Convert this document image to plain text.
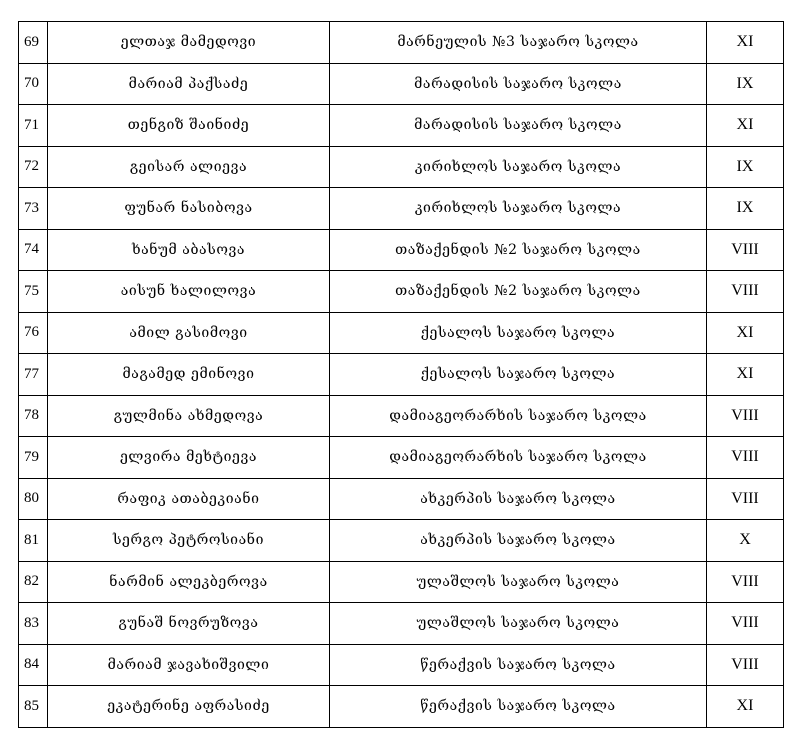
69	ელთაჯ მამედოვი	მარნეულის №3 საჯარო სკოლა	XI
70	მარიამ პაქსაძე	მარადისის საჯარო სკოლა	IX
71	თენგიზ შაინიძე	მარადისის საჯარო სკოლა	XI
72	გეისარ ალიევა	კირიხლოს საჯარო სკოლა	IX
73	ფუნარ ნასიბოვა	კირიხლოს საჯარო სკოლა	IX
74	ხანუმ აბასოვა	თაზაქენდის №2 საჯარო სკოლა	VIII
75	აისუნ ხალილოვა	თაზაქენდის №2 საჯარო სკოლა	VIII
76	ამილ გასიმოვი	ქესალოს საჯარო სკოლა	XI
77	მაგამედ ემინოვი	ქესალოს საჯარო სკოლა	XI
78	გულმინა ახმედოვა	დამიაგეორარხის საჯარო სკოლა	VIII
79	ელვირა მეხტიევა	დამიაგეორარხის საჯარო სკოლა	VIII
80	რაფიკ ათაბეკიანი	ახკერპის საჯარო სკოლა	VIII
81	სერგო პეტროსიანი	ახკერპის საჯარო სკოლა	X
82	ნარმინ ალეკბეროვა	ულაშლოს საჯარო სკოლა	VIII
83	გუნაშ ნოვრუზოვა	ულაშლოს საჯარო სკოლა	VIII
84	მარიამ ჯავახიშვილი	წერაქვის საჯარო სკოლა	VIII
85	ეკატერინე აფრასიძე	წერაქვის საჯარო სკოლა	XI
